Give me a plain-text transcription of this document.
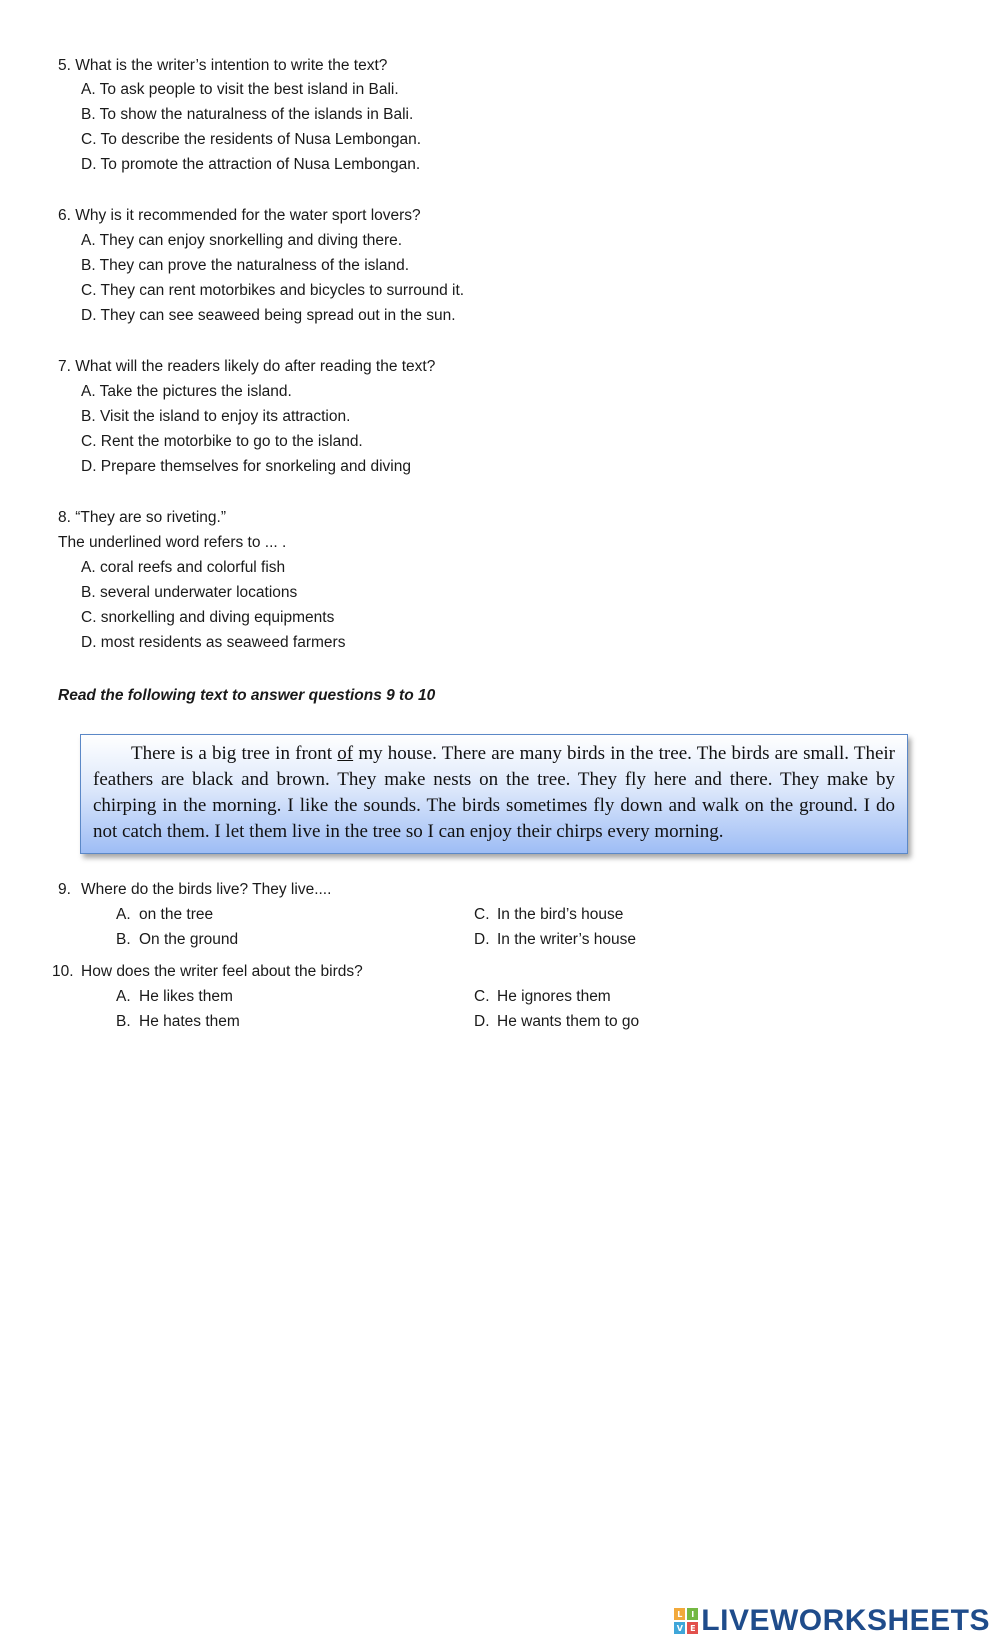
5. What is the writer’s intention to write the text?
A. To ask people to visit the best island in Bali.
B. To show the naturalness of the islands in Bali.
C. To describe the residents of Nusa Lembongan.
D. To promote the attraction of Nusa Lembongan.
6. Why is it recommended for the water sport lovers?
A. They can enjoy snorkelling and diving there.
B. They can prove the naturalness of the island.
C. They can rent motorbikes and bicycles to surround it.
D. They can see seaweed being spread out in the sun.
7. What will the readers likely do after reading the text?
A. Take the pictures the island.
B. Visit the island to enjoy its attraction.
C. Rent the motorbike to go to the island.
D. Prepare themselves for snorkeling and diving
8. “They are so riveting.”
The underlined word refers to ... .
A. coral reefs and colorful fish
B. several underwater locations
C. snorkelling and diving equipments
D. most residents as seaweed farmers
Read the following text to answer questions 9 to 10
There is a big tree in front of my house. There are many birds in the tree. The birds are small. Their feathers are black and brown. They make nests on the tree. They fly here and there. They make by chirping in the morning. I like the sounds. The birds sometimes fly down and walk on the ground. I do not catch them. I let them live in the tree so I can enjoy their chirps every morning.
9. Where do the birds live? They live....
A. on the tree
B. On the ground
C. In the bird’s house
D. In the writer’s house
10. How does the writer feel about the birds?
A. He likes them
B. He hates them
C. He ignores them
D. He wants them to go
L	I
V E LIVEWORKSHEETS
